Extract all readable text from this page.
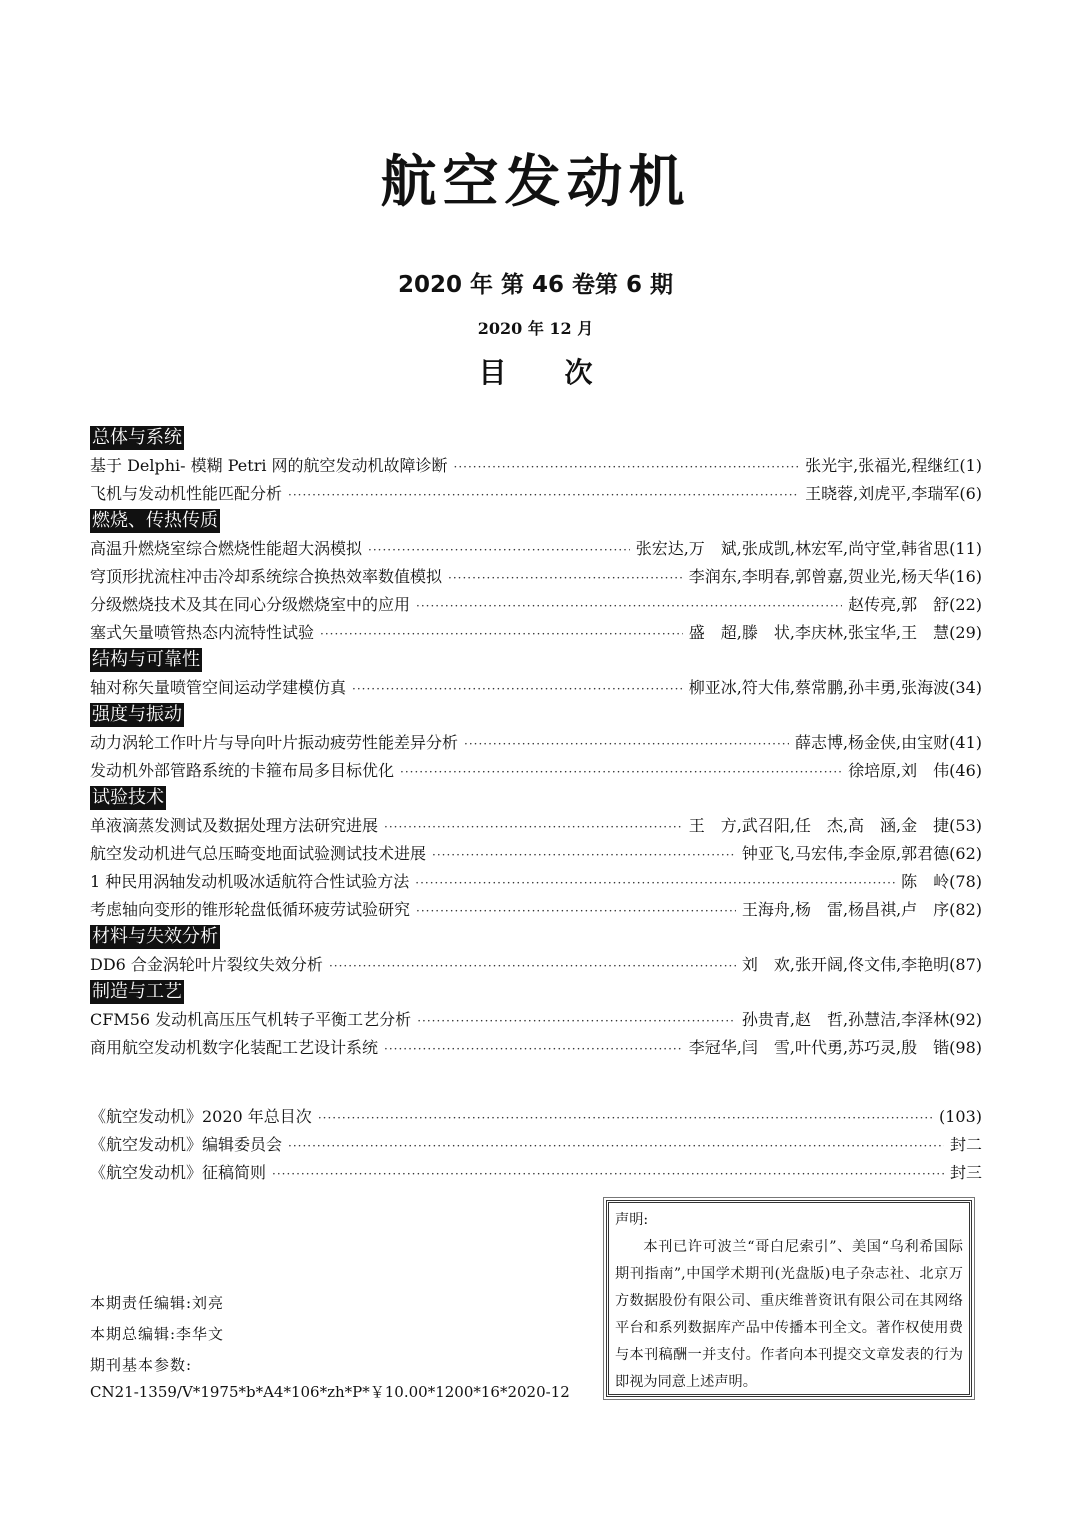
航空发动机
2020 年 第 46 卷第 6 期
2020 年 12 月
目次
总体与系统

基于 Delphi- 模糊 Petri 网的航空发动机故障诊断 ·····	张光宇,张福光,程继红(1)
飞机与发动机性能匹配分析 ·····	王晓蓉,刘虎平,李瑞军(6)
燃烧、传热传质

高温升燃烧室综合燃烧性能超大涡模拟 ·····	张宏达,万　斌,张成凯,林宏军,尚守堂,韩省思(11)
穹顶形扰流柱冲击冷却系统综合换热效率数值模拟 ·····	李润东,李明春,郭曾嘉,贺业光,杨天华(16)
分级燃烧技术及其在同心分级燃烧室中的应用 ·····	赵传亮,郭　舒(22)
塞式矢量喷管热态内流特性试验 ·····	盛　超,滕　状,李庆林,张宝华,王　慧(29)
结构与可靠性

轴对称矢量喷管空间运动学建模仿真 ·····	柳亚冰,符大伟,蔡常鹏,孙丰勇,张海波(34)
强度与振动

动力涡轮工作叶片与导向叶片振动疲劳性能差异分析 ·····	薛志博,杨金侠,由宝财(41)
发动机外部管路系统的卡箍布局多目标优化 ·····	徐培原,刘　伟(46)
试验技术

单液滴蒸发测试及数据处理方法研究进展 ·····	王　方,武召阳,任　杰,高　涵,金　捷(53)
航空发动机进气总压畸变地面试验测试技术进展 ·····	钟亚飞,马宏伟,李金原,郭君德(62)
1 种民用涡轴发动机吸冰适航符合性试验方法 ·····	陈　岭(78)
考虑轴向变形的锥形轮盘低循环疲劳试验研究 ·····	王海舟,杨　雷,杨昌祺,卢　序(82)
材料与失效分析

DD6 合金涡轮叶片裂纹失效分析 ·····	刘　欢,张开阔,佟文伟,李艳明(87)
制造与工艺

CFM56 发动机高压压气机转子平衡工艺分析 ·····	孙贵青,赵　哲,孙慧洁,李泽林(92)
商用航空发动机数字化装配工艺设计系统 ·····	李冠华,闫　雪,叶代勇,苏巧灵,殷　锴(98)
《航空发动机》2020 年总目次 ·····	(103)
《航空发动机》编辑委员会 ·····	封二
《航空发动机》征稿简则 ·····	封三
本期责任编辑:刘亮
本期总编辑:李华文
期刊基本参数:
CN21-1359/V*1975*b*A4*106*zh*P*￥10.00*1200*16*2020-12
声明:
本刊已许可波兰“哥白尼索引”、美国“乌利希国际期刊指南”,中国学术期刊(光盘版)电子杂志社、北京万方数据股份有限公司、重庆维普资讯有限公司在其网络平台和系列数据库产品中传播本刊全文。著作权使用费与本刊稿酬一并支付。作者向本刊提交文章发表的行为即视为同意上述声明。
